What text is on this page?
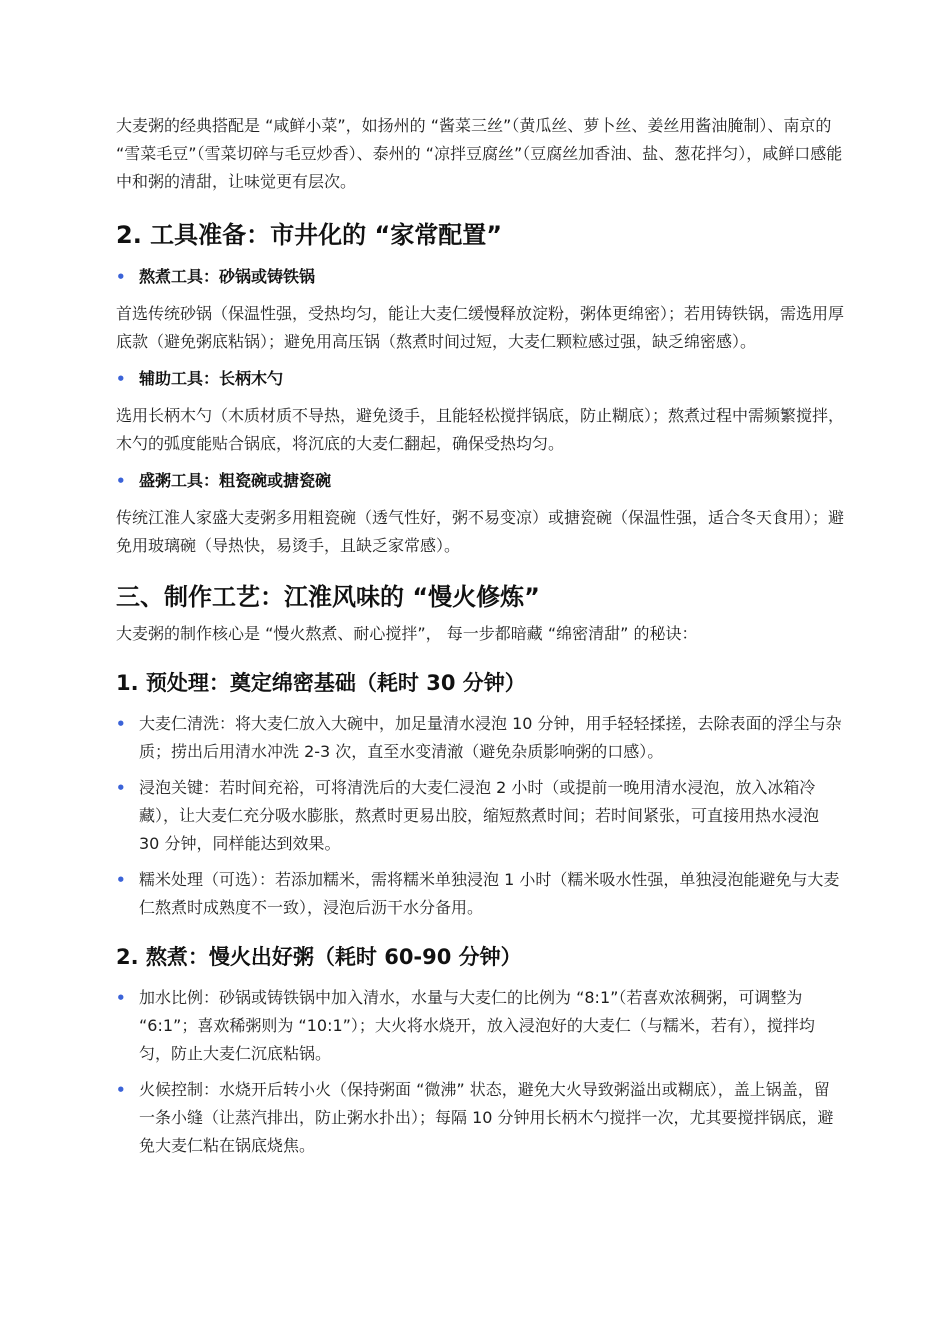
大麦粥的经典搭配是 “咸鲜小菜”，如扬州的 “酱菜三丝”（黄瓜丝、萝卜丝、姜丝用酱油腌制）、南京的 “雪菜毛豆”（雪菜切碎与毛豆炒香）、泰州的 “凉拌豆腐丝”（豆腐丝加香油、盐、葱花拌匀），咸鲜口感能中和粥的清甜，让味觉更有层次。

2. 工具准备：市井化的 “家常配置”
• 熬煮工具：砂锅或铸铁锅

首选传统砂锅（保温性强，受热均匀，能让大麦仁缓慢释放淀粉，粥体更绵密）；若用铸铁锅，需选用厚底款（避免粥底粘锅）；避免用高压锅（熬煮时间过短，大麦仁颗粒感过强，缺乏绵密感）。

• 辅助工具：长柄木勺

选用长柄木勺（木质材质不导热，避免烫手，且能轻松搅拌锅底，防止糊底）；熬煮过程中需频繁搅拌，木勺的弧度能贴合锅底，将沉底的大麦仁翻起，确保受热均匀。

• 盛粥工具：粗瓷碗或搪瓷碗

传统江淮人家盛大麦粥多用粗瓷碗（透气性好，粥不易变凉）或搪瓷碗（保温性强，适合冬天食用）；避免用玻璃碗（导热快，易烫手，且缺乏家常感）。

三、制作工艺：江淮风味的 “慢火修炼”

大麦粥的制作核心是 “慢火熬煮、耐心搅拌”， 每一步都暗藏 “绵密清甜” 的秘诀：

1. 预处理：奠定绵密基础（耗时 30 分钟）
• 大麦仁清洗：将大麦仁放入大碗中，加足量清水浸泡 10 分钟，用手轻轻揉搓，去除表面的浮尘与杂质；捞出后用清水冲洗 2-3 次，直至水变清澈（避免杂质影响粥的口感）。
• 浸泡关键：若时间充裕，可将清洗后的大麦仁浸泡 2 小时（或提前一晚用清水浸泡，放入冰箱冷藏），让大麦仁充分吸水膨胀，熬煮时更易出胶，缩短熬煮时间；若时间紧张，可直接用热水浸泡 30 分钟，同样能达到效果。
• 糯米处理（可选）：若添加糯米，需将糯米单独浸泡 1 小时（糯米吸水性强，单独浸泡能避免与大麦仁熬煮时成熟度不一致），浸泡后沥干水分备用。
2. 熬煮：慢火出好粥（耗时 60-90 分钟）
• 加水比例：砂锅或铸铁锅中加入清水，水量与大麦仁的比例为 “8:1”（若喜欢浓稠粥，可调整为 “6:1”；喜欢稀粥则为 “10:1”）；大火将水烧开，放入浸泡好的大麦仁（与糯米，若有），搅拌均匀，防止大麦仁沉底粘锅。
• 火候控制：水烧开后转小火（保持粥面 “微沸” 状态，避免大火导致粥溢出或糊底），盖上锅盖，留一条小缝（让蒸汽排出，防止粥水扑出）；每隔 10 分钟用长柄木勺搅拌一次，尤其要搅拌锅底，避免大麦仁粘在锅底烧焦。
